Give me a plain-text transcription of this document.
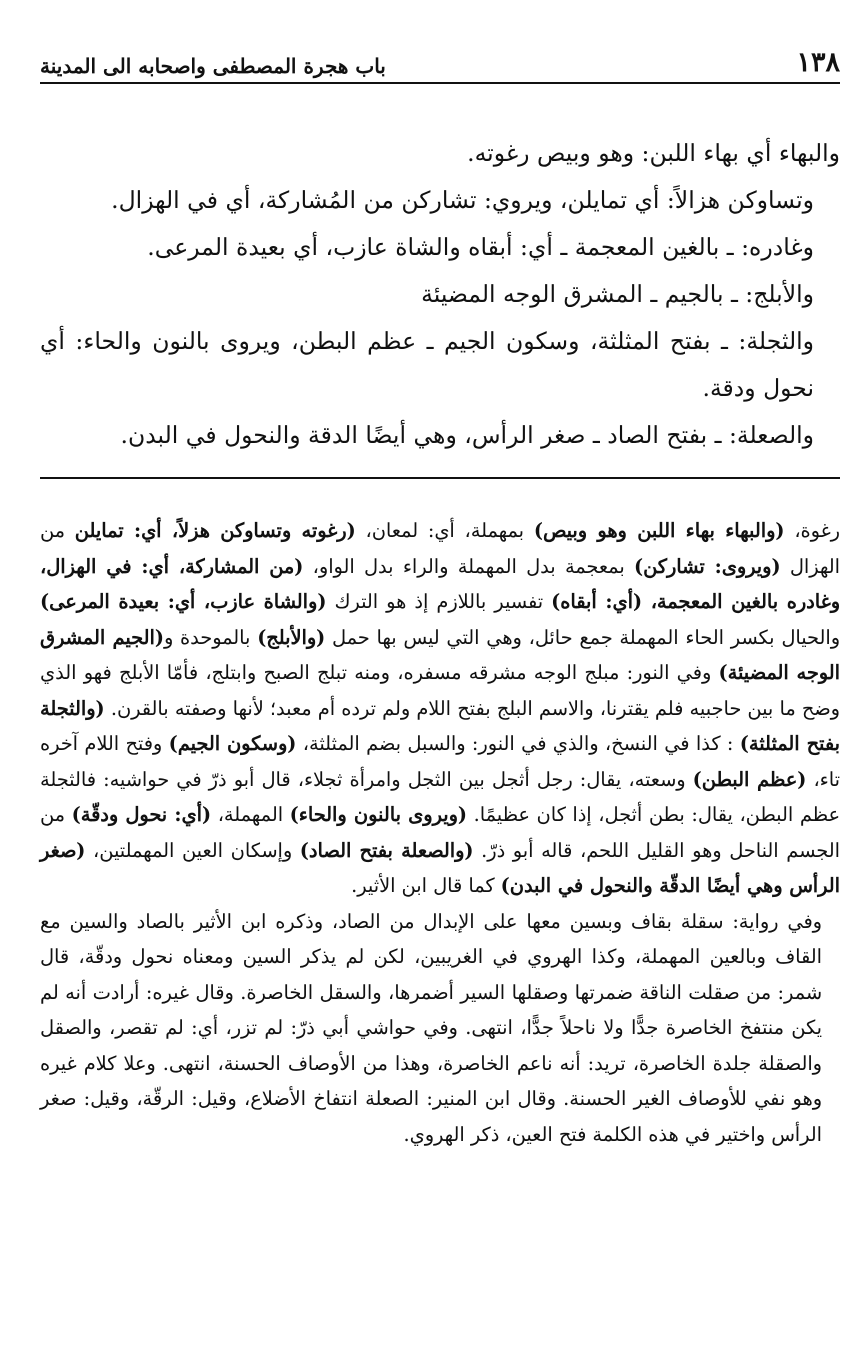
١٣٨
باب هجرة المصطفى واصحابه الى المدينة

والبهاء أي بهاء اللبن: وهو وبيص رغوته.

وتساوكن هزالاً: أي تمايلن، ويروي: تشاركن من المُشاركة، أي في الهزال.

وغادره: ـ بالغين المعجمة ـ أي: أبقاه والشاة عازب، أي بعيدة المرعى.

والأبلج: ـ بالجيم ـ المشرق الوجه المضيئة

والثجلة: ـ بفتح المثلثة، وسكون الجيم ـ عظم البطن، ويروى بالنون والحاء: أي نحول ودقة.

والصعلة: ـ بفتح الصاد ـ صغر الرأس، وهي أيضًا الدقة والنحول في البدن.

رغوة، (والبهاء بهاء اللبن وهو وبيص) بمهملة، أي: لمعان، (رغوته وتساوكن هزلاً، أي: تمايلن من الهزال (ويروى: تشاركن) بمعجمة بدل المهملة والراء بدل الواو، (من المشاركة، أي: في الهزال، وغادره بالغين المعجمة، (أي: أبقاه) تفسير باللازم إذ هو الترك (والشاة عازب، أي: بعيدة المرعى) والحيال بكسر الحاء المهملة جمع حائل، وهي التي ليس بها حمل (والأبلج) بالموحدة و(الجيم المشرق الوجه المضيئة) وفي النور: مبلج الوجه مشرقه مسفره، ومنه تبلج الصبح وابتلج، فأمّا الأبلج فهو الذي وضح ما بين حاجبيه فلم يقترنا، والاسم البلج بفتح اللام ولم ترده أم معبد؛ لأنها وصفته بالقرن. (والثجلة بفتح المثلثة) : كذا في النسخ، والذي في النور: والسبل بضم المثلثة، (وسكون الجيم) وفتح اللام آخره تاء، (عظم البطن) وسعته، يقال: رجل أثجل بين الثجل وامرأة ثجلاء، قال أبو ذرّ في حواشيه: فالثجلة عظم البطن، يقال: بطن أثجل، إذا كان عظيمًا. (ويروى بالنون والحاء) المهملة، (أي: نحول ودقّة) من الجسم الناحل وهو القليل اللحم، قاله أبو ذرّ. (والصعلة بفتح الصاد) وإسكان العين المهملتين، (صغر الرأس وهي أيضًا الدقّة والنحول في البدن) كما قال ابن الأثير.

وفي رواية: سقلة بقاف وبسين معها على الإبدال من الصاد، وذكره ابن الأثير بالصاد والسين مع القاف وبالعين المهملة، وكذا الهروي في الغريبين، لكن لم يذكر السين ومعناه نحول ودقّة، قال شمر: من صقلت الناقة ضمرتها وصقلها السير أضمرها، والسقل الخاصرة. وقال غيره: أرادت أنه لم يكن منتفخ الخاصرة جدًّا ولا ناحلاً جدًّا، انتهى. وفي حواشي أبي ذرّ: لم تزر، أي: لم تقصر، والصقل والصقلة جلدة الخاصرة، تريد: أنه ناعم الخاصرة، وهذا من الأوصاف الحسنة، انتهى. وعلا كلام غيره وهو نفي للأوصاف الغير الحسنة. وقال ابن المنير: الصعلة انتفاخ الأضلاع، وقيل: الرقّة، وقيل: صغر الرأس واختير في هذه الكلمة فتح العين، ذكر الهروي.
